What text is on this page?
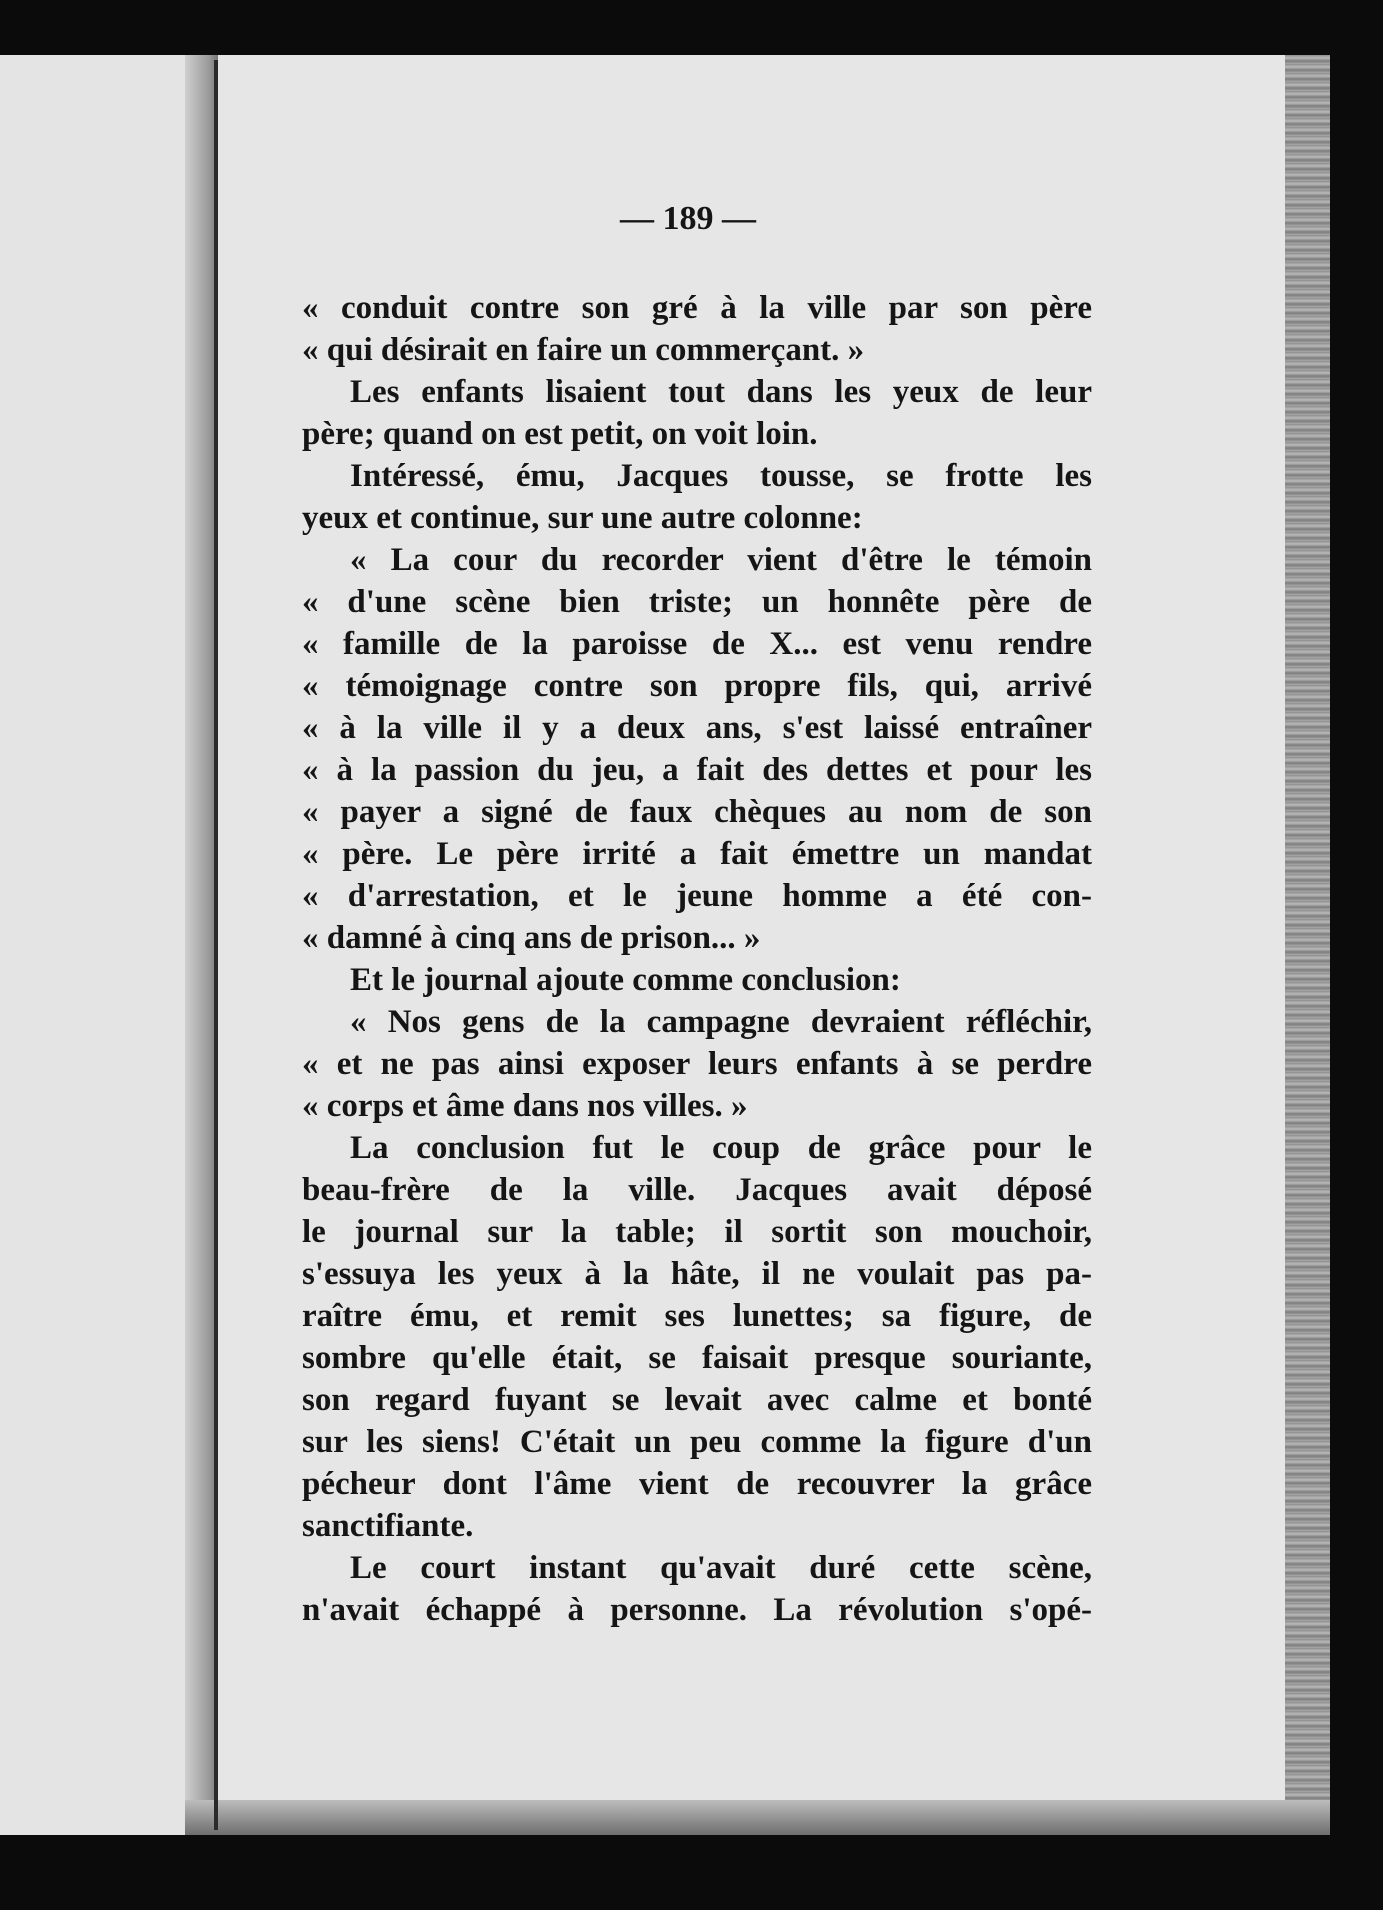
— 189 —
« conduit contre son gré à la ville par son père
« qui désirait en faire un commerçant. »
Les enfants lisaient tout dans les yeux de leur
père; quand on est petit, on voit loin.
Intéressé, ému, Jacques tousse, se frotte les
yeux et continue, sur une autre colonne:
« La cour du recorder vient d'être le témoin
« d'une scène bien triste; un honnête père de
« famille de la paroisse de X... est venu rendre
« témoignage contre son propre fils, qui, arrivé
« à la ville il y a deux ans, s'est laissé entraîner
« à la passion du jeu, a fait des dettes et pour les
« payer a signé de faux chèques au nom de son
« père. Le père irrité a fait émettre un mandat
« d'arrestation, et le jeune homme a été con-
« damné à cinq ans de prison... »
Et le journal ajoute comme conclusion:
« Nos gens de la campagne devraient réfléchir,
« et ne pas ainsi exposer leurs enfants à se perdre
« corps et âme dans nos villes. »
La conclusion fut le coup de grâce pour le
beau-frère de la ville. Jacques avait déposé
le journal sur la table; il sortit son mouchoir,
s'essuya les yeux à la hâte, il ne voulait pas pa-
raître ému, et remit ses lunettes; sa figure, de
sombre qu'elle était, se faisait presque souriante,
son regard fuyant se levait avec calme et bonté
sur les siens! C'était un peu comme la figure d'un
pécheur dont l'âme vient de recouvrer la grâce
sanctifiante.
Le court instant qu'avait duré cette scène,
n'avait échappé à personne. La révolution s'opé-
